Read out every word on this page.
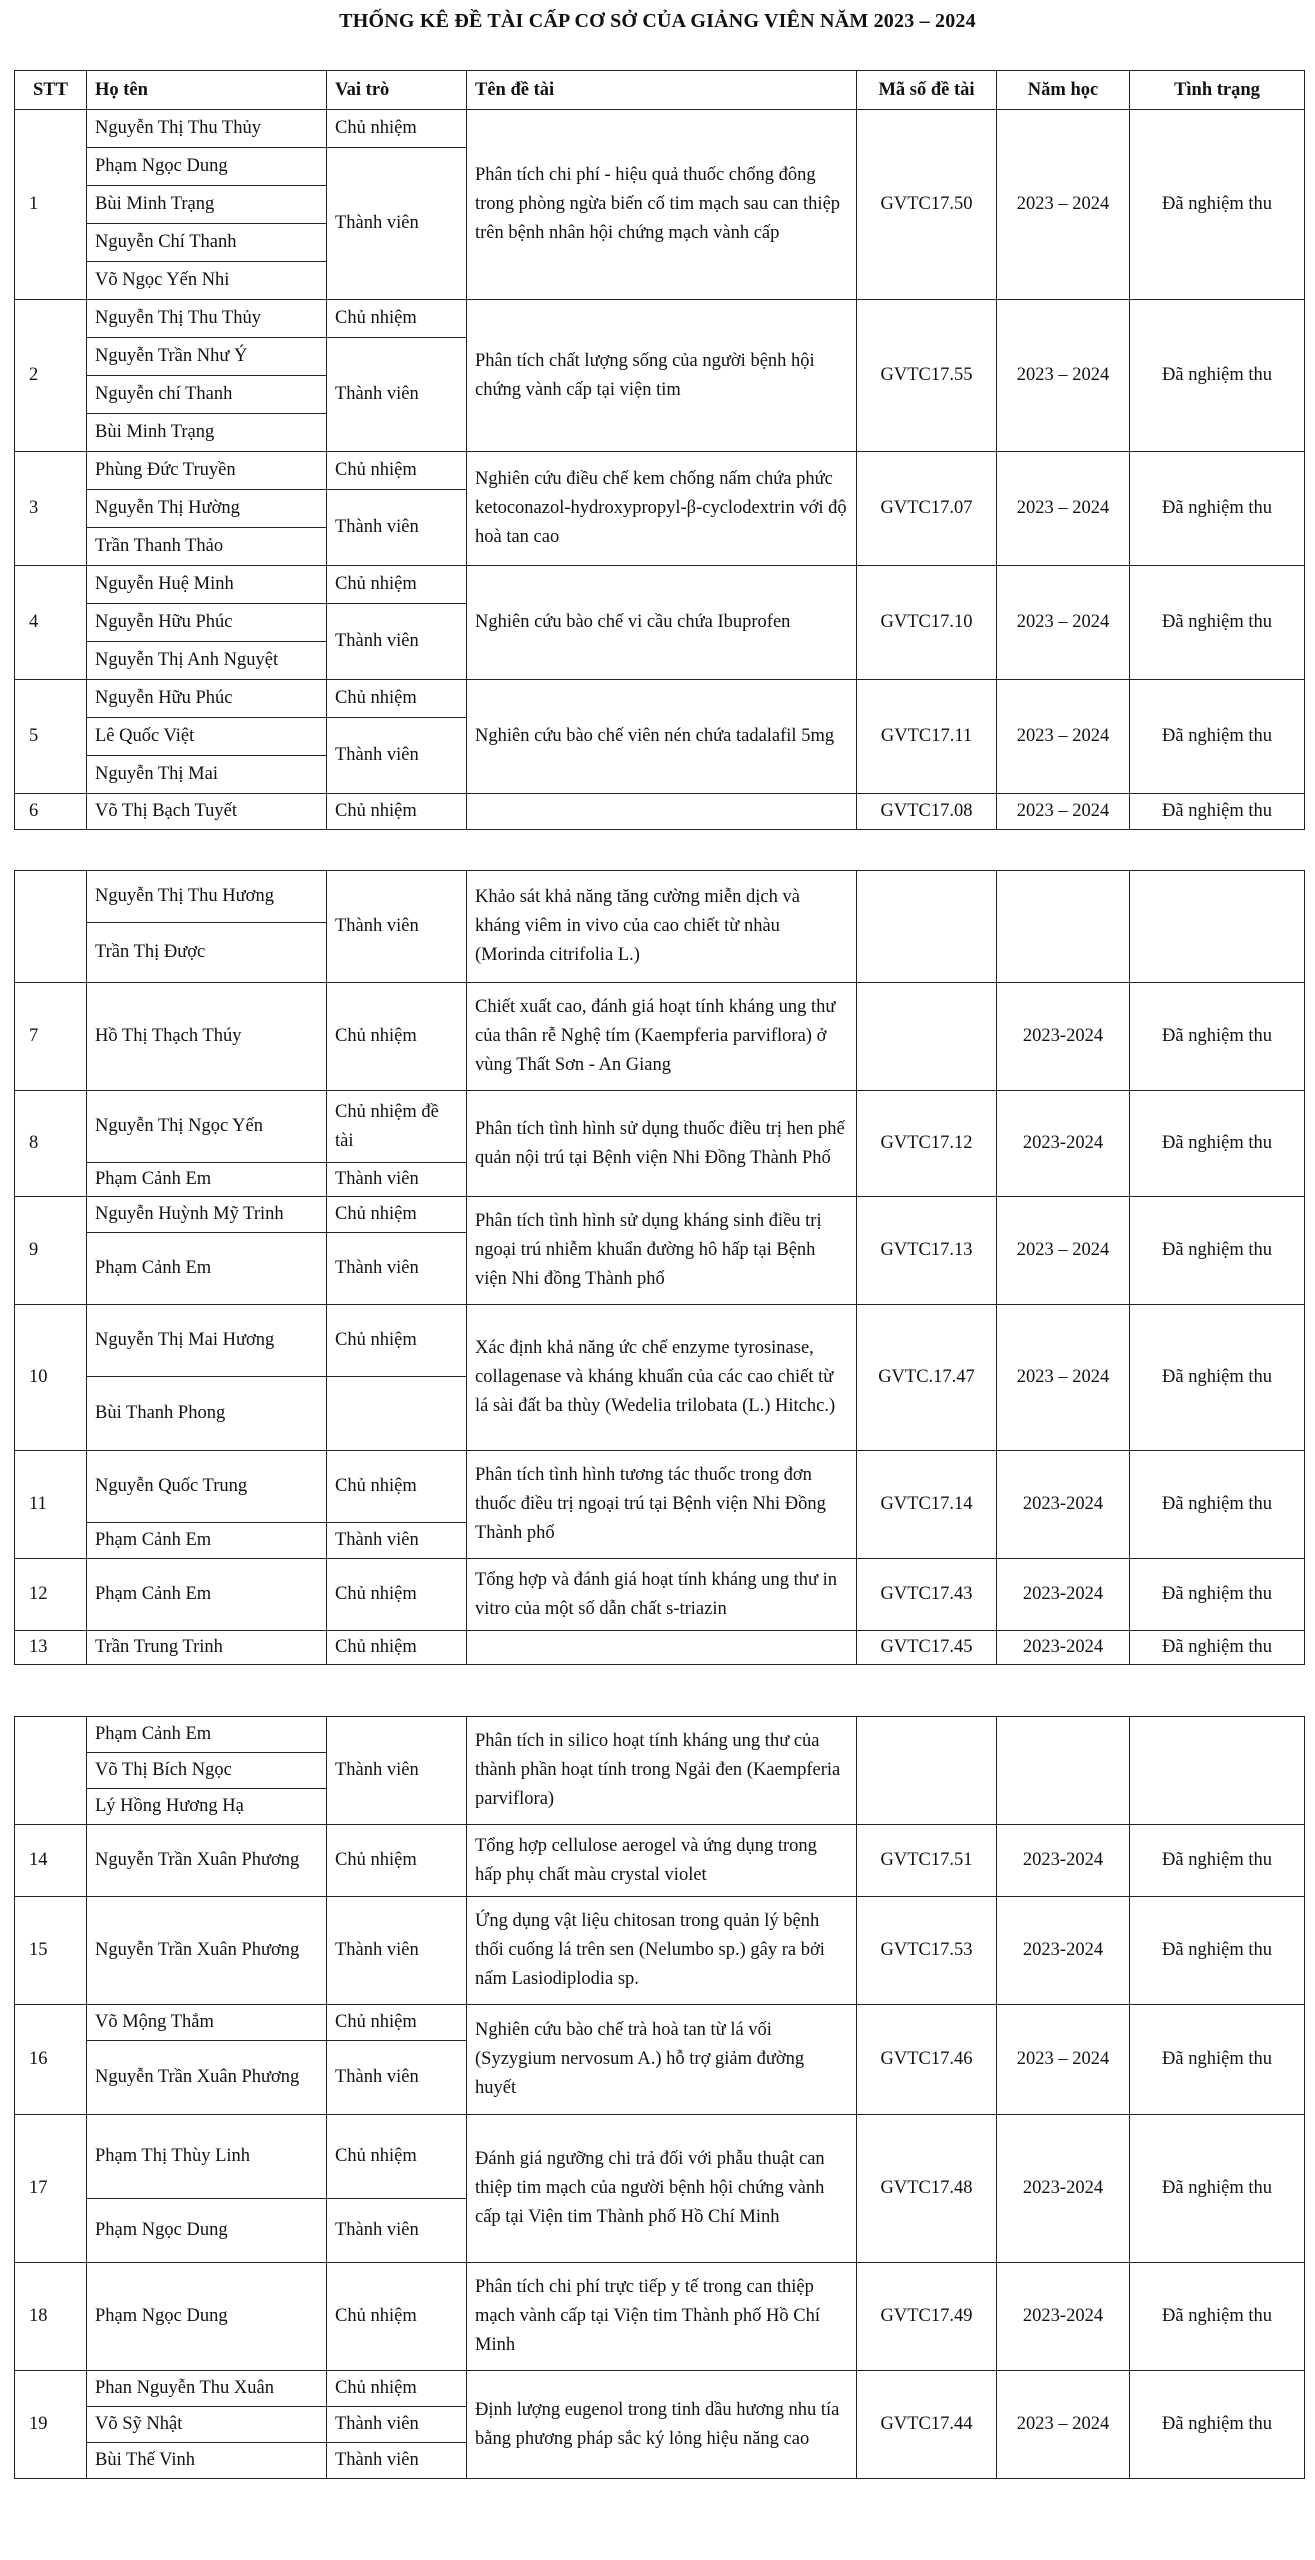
THỐNG KÊ ĐỀ TÀI CẤP CƠ SỞ CỦA GIẢNG VIÊN NĂM 2023 – 2024
STT	Họ tên	Vai trò	Tên đề tài	Mã số đề tài	Năm học	Tình trạng
1	Nguyễn Thị Thu Thủy	Chủ nhiệm	Phân tích chi phí - hiệu quả thuốc chống đông trong phòng ngừa biến cố tim mạch sau can thiệp trên bệnh nhân hội chứng mạch vành cấp	GVTC17.50	2023 – 2024	Đã nghiệm thu
	Phạm Ngọc Dung	Thành viên				
	Bùi Minh Trạng					
	Nguyễn Chí Thanh					
	Võ Ngọc Yến Nhi					
2	Nguyễn Thị Thu Thủy	Chủ nhiệm	Phân tích chất lượng sống của người bệnh hội chứng vành cấp tại viện tim	GVTC17.55	2023 – 2024	Đã nghiệm thu
	Nguyễn Trần Như Ý	Thành viên				
	Nguyễn chí Thanh					
	Bùi Minh Trạng					
3	Phùng Đức Truyền	Chủ nhiệm	Nghiên cứu điều chế kem chống nấm chứa phức ketoconazol-hydroxypropyl-β-cyclodextrin với độ hoà tan cao	GVTC17.07	2023 – 2024	Đã nghiệm thu
	Nguyễn Thị Hường	Thành viên				
	Trần Thanh Thảo					
4	Nguyễn Huệ Minh	Chủ nhiệm	Nghiên cứu bào chế vi cầu chứa Ibuprofen	GVTC17.10	2023 – 2024	Đã nghiệm thu
	Nguyễn Hữu Phúc	Thành viên				
	Nguyễn Thị Anh Nguyệt					
5	Nguyễn Hữu Phúc	Chủ nhiệm	Nghiên cứu bào chế viên nén chứa tadalafil 5mg	GVTC17.11	2023 – 2024	Đã nghiệm thu
	Lê Quốc Việt	Thành viên				
	Nguyễn Thị Mai					
6	Võ Thị Bạch Tuyết	Chủ nhiệm		GVTC17.08	2023 – 2024	Đã nghiệm thu
	Nguyễn Thị Thu Hương	Thành viên	Khảo sát khả năng tăng cường miễn dịch và kháng viêm in vivo của cao chiết từ nhàu (Morinda citrifolia L.)			
	Trần Thị Được					
7	Hồ Thị Thạch Thúy	Chủ nhiệm	Chiết xuất cao, đánh giá hoạt tính kháng ung thư của thân rễ Nghệ tím (Kaempferia parviflora) ở vùng Thất Sơn - An Giang		2023-2024	Đã nghiệm thu
8	Nguyễn Thị Ngọc Yến	Chủ nhiệm đề tài	Phân tích tình hình sử dụng thuốc điều trị hen phế quản nội trú tại Bệnh viện Nhi Đồng Thành Phố	GVTC17.12	2023-2024	Đã nghiệm thu
	Phạm Cảnh Em	Thành viên				
9	Nguyễn Huỳnh Mỹ Trinh	Chủ nhiệm	Phân tích tình hình sử dụng kháng sinh điều trị ngoại trú nhiễm khuẩn đường hô hấp tại Bệnh viện Nhi đồng Thành phố	GVTC17.13	2023 – 2024	Đã nghiệm thu
	Phạm Cảnh Em	Thành viên				
10	Nguyễn Thị Mai Hương	Chủ nhiệm	Xác định khả năng ức chế enzyme tyrosinase, collagenase và kháng khuẩn của các cao chiết từ lá sài đất ba thùy (Wedelia trilobata (L.) Hitchc.)	GVTC.17.47	2023 – 2024	Đã nghiệm thu
	Bùi Thanh Phong					
11	Nguyễn Quốc Trung	Chủ nhiệm	Phân tích tình hình tương tác thuốc trong đơn thuốc điều trị ngoại trú tại Bệnh viện Nhi Đồng Thành phố	GVTC17.14	2023-2024	Đã nghiệm thu
	Phạm Cảnh Em	Thành viên				
12	Phạm Cảnh Em	Chủ nhiệm	Tổng hợp và đánh giá hoạt tính kháng ung thư in vitro của một số dẫn chất s-triazin	GVTC17.43	2023-2024	Đã nghiệm thu
13	Trần Trung Trinh	Chủ nhiệm		GVTC17.45	2023-2024	Đã nghiệm thu
	Phạm Cảnh Em	Thành viên	Phân tích in silico hoạt tính kháng ung thư của thành phần hoạt tính trong Ngải đen (Kaempferia parviflora)			
	Võ Thị Bích Ngọc					
	Lý Hồng Hương Hạ					
14	Nguyễn Trần Xuân Phương	Chủ nhiệm	Tổng hợp cellulose aerogel và ứng dụng trong hấp phụ chất màu crystal violet	GVTC17.51	2023-2024	Đã nghiệm thu
15	Nguyễn Trần Xuân Phương	Thành viên	Ứng dụng vật liệu chitosan trong quản lý bệnh thối cuống lá trên sen (Nelumbo sp.) gây ra bởi nấm Lasiodiplodia sp.	GVTC17.53	2023-2024	Đã nghiệm thu
16	Võ Mộng Thắm	Chủ nhiệm	Nghiên cứu bào chế trà hoà tan từ lá vối (Syzygium nervosum A.) hỗ trợ giảm đường huyết	GVTC17.46	2023 – 2024	Đã nghiệm thu
	Nguyễn Trần Xuân Phương	Thành viên				
17	Phạm Thị Thùy Linh	Chủ nhiệm	Đánh giá ngưỡng chi trả đối với phẫu thuật can thiệp tim mạch của người bệnh hội chứng vành cấp tại Viện tim Thành phố Hồ Chí Minh	GVTC17.48	2023-2024	Đã nghiệm thu
	Phạm Ngọc Dung	Thành viên				
18	Phạm Ngọc Dung	Chủ nhiệm	Phân tích chi phí trực tiếp y tế trong can thiệp mạch vành cấp tại Viện tim Thành phố Hồ Chí Minh	GVTC17.49	2023-2024	Đã nghiệm thu
19	Phan Nguyễn Thu Xuân	Chủ nhiệm	Định lượng eugenol trong tinh dầu hương nhu tía bằng phương pháp sắc ký lỏng hiệu năng cao	GVTC17.44	2023 – 2024	Đã nghiệm thu
	Võ Sỹ Nhật	Thành viên				
	Bùi Thế Vinh	Thành viên				
